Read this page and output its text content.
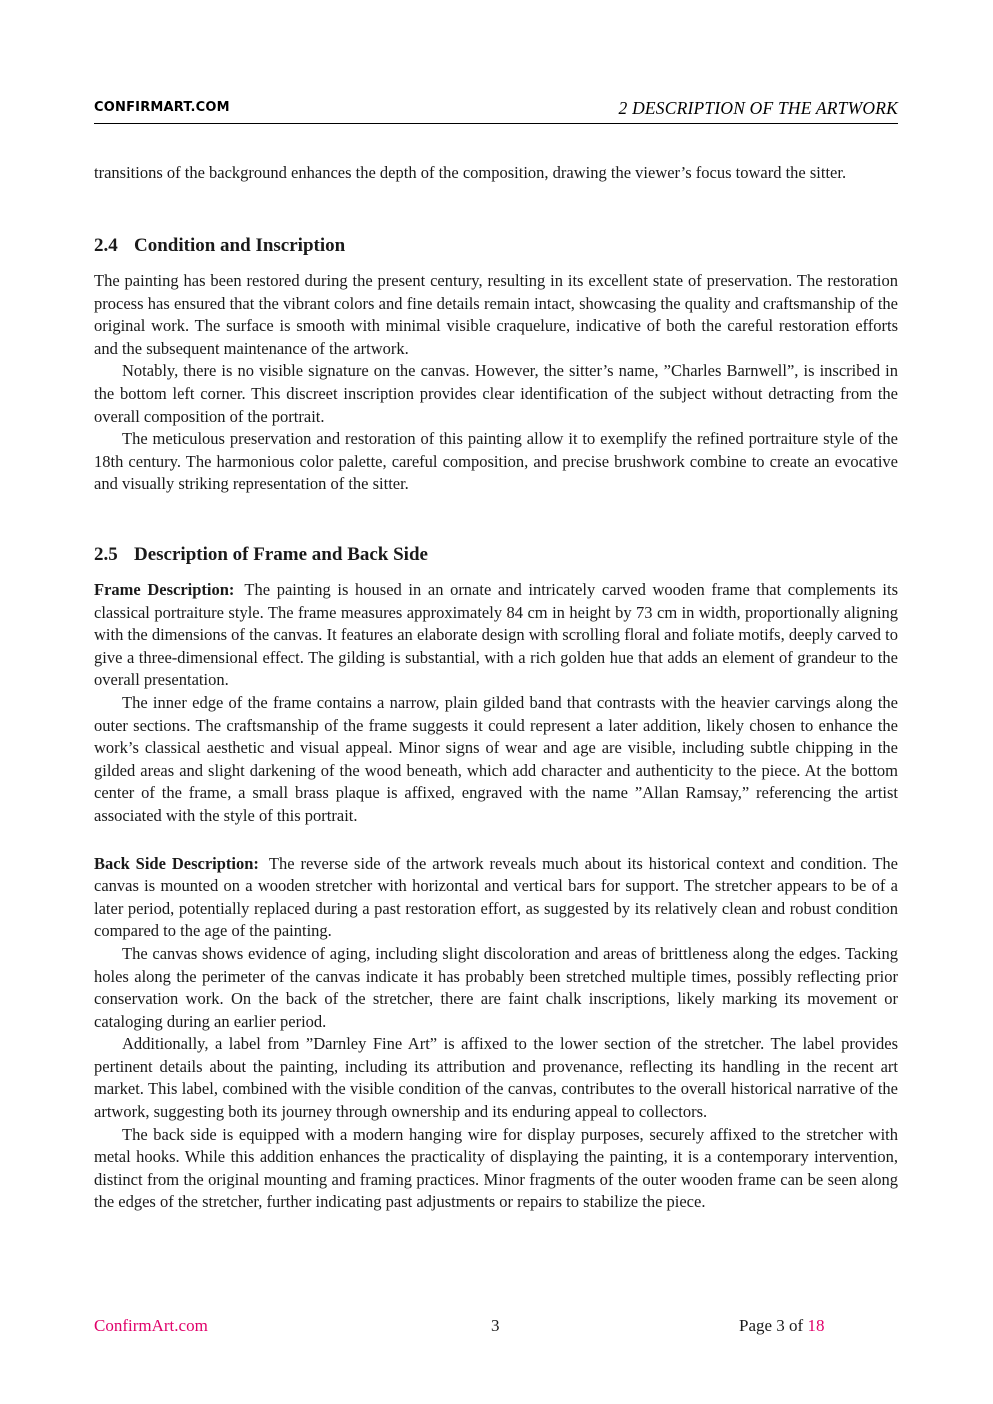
CONFIRMART.COM	2 DESCRIPTION OF THE ARTWORK

transitions of the background enhances the depth of the composition, drawing the viewer’s focus toward the sitter.

2.4 Condition and Inscription

The painting has been restored during the present century, resulting in its excellent state of preservation. The restoration process has ensured that the vibrant colors and fine details remain intact, showcasing the quality and craftsmanship of the original work. The surface is smooth with minimal visible craquelure, indicative of both the careful restoration efforts and the subsequent maintenance of the artwork.

Notably, there is no visible signature on the canvas. However, the sitter’s name, ”Charles Barnwell”, is inscribed in the bottom left corner. This discreet inscription provides clear identification of the subject without detracting from the overall composition of the portrait.

The meticulous preservation and restoration of this painting allow it to exemplify the refined portraiture style of the 18th century. The harmonious color palette, careful composition, and precise brushwork combine to create an evocative and visually striking representation of the sitter.

2.5 Description of Frame and Back Side

Frame Description: The painting is housed in an ornate and intricately carved wooden frame that complements its classical portraiture style. The frame measures approximately 84 cm in height by 73 cm in width, proportionally aligning with the dimensions of the canvas. It features an elaborate design with scrolling floral and foliate motifs, deeply carved to give a three-dimensional effect. The gilding is substantial, with a rich golden hue that adds an element of grandeur to the overall presentation.

The inner edge of the frame contains a narrow, plain gilded band that contrasts with the heavier carvings along the outer sections. The craftsmanship of the frame suggests it could represent a later addition, likely chosen to enhance the work’s classical aesthetic and visual appeal. Minor signs of wear and age are visible, including subtle chipping in the gilded areas and slight darkening of the wood beneath, which add character and authenticity to the piece. At the bottom center of the frame, a small brass plaque is affixed, engraved with the name ”Allan Ramsay,” referencing the artist associated with the style of this portrait.

Back Side Description: The reverse side of the artwork reveals much about its historical context and condition. The canvas is mounted on a wooden stretcher with horizontal and vertical bars for support. The stretcher appears to be of a later period, potentially replaced during a past restoration effort, as suggested by its relatively clean and robust condition compared to the age of the painting.

The canvas shows evidence of aging, including slight discoloration and areas of brittleness along the edges. Tacking holes along the perimeter of the canvas indicate it has probably been stretched multiple times, possibly reflecting prior conservation work. On the back of the stretcher, there are faint chalk inscriptions, likely marking its movement or cataloging during an earlier period.

Additionally, a label from ”Darnley Fine Art” is affixed to the lower section of the stretcher. The label provides pertinent details about the painting, including its attribution and provenance, reflecting its handling in the recent art market. This label, combined with the visible condition of the canvas, contributes to the overall historical narrative of the artwork, suggesting both its journey through ownership and its enduring appeal to collectors.

The back side is equipped with a modern hanging wire for display purposes, securely affixed to the stretcher with metal hooks. While this addition enhances the practicality of displaying the painting, it is a contemporary intervention, distinct from the original mounting and framing practices. Minor fragments of the outer wooden frame can be seen along the edges of the stretcher, further indicating past adjustments or repairs to stabilize the piece.

ConfirmArt.com	3	Page 3 of 18
